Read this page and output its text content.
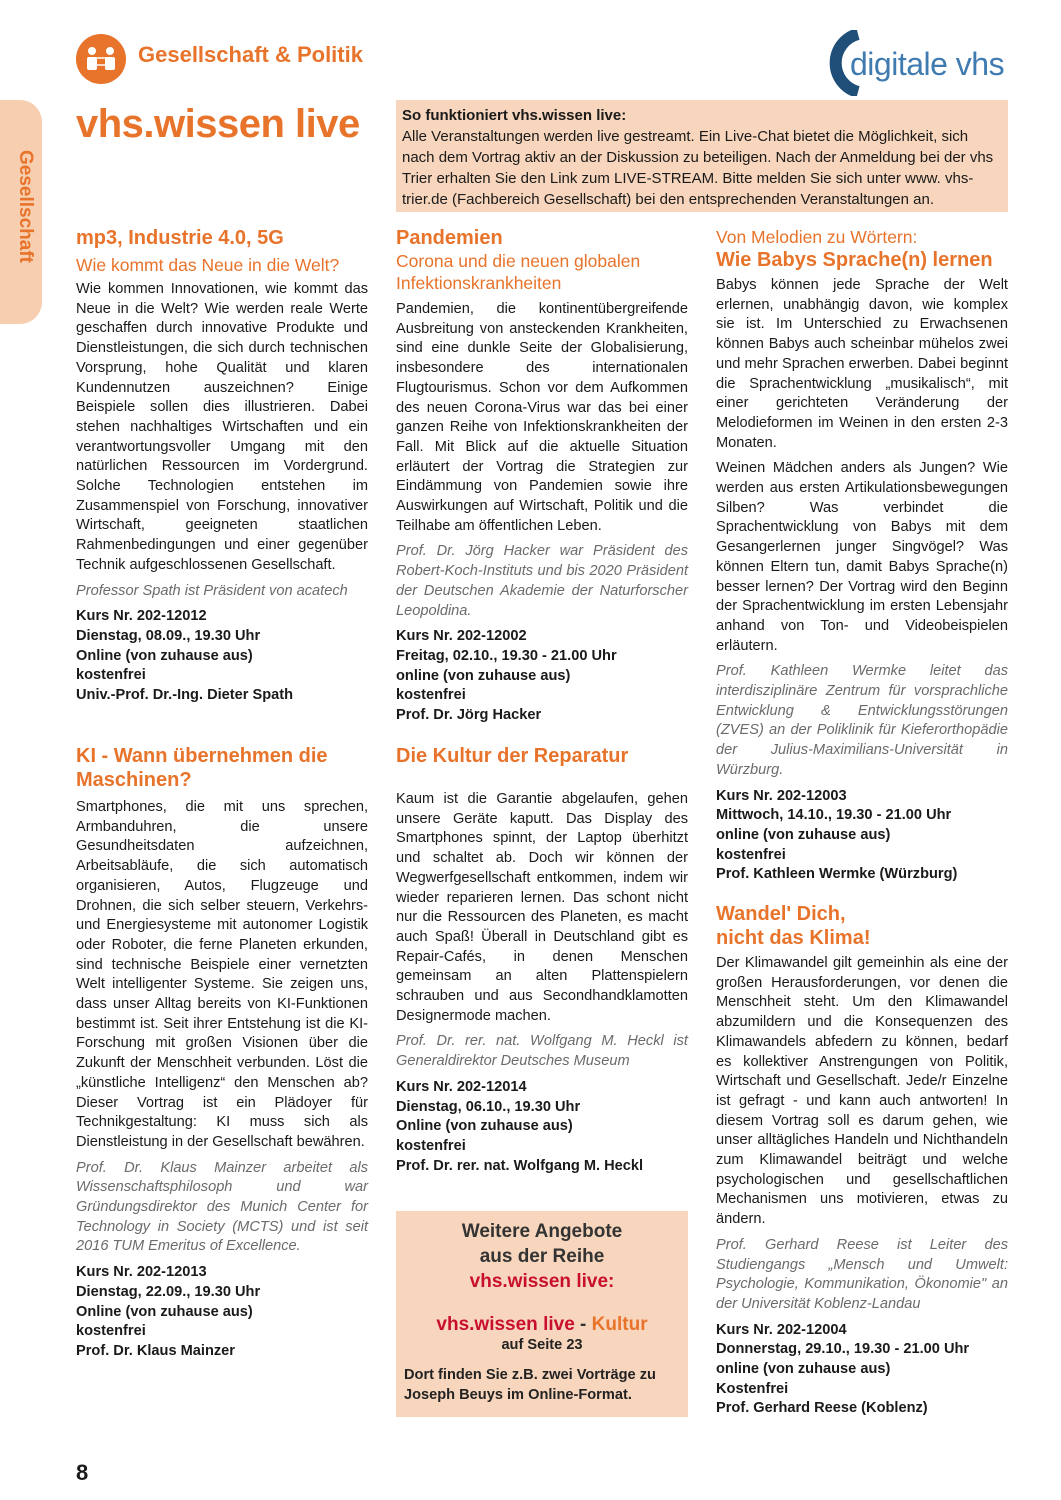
Gesellschaft
Gesellschaft & Politik	digitale vhs
vhs.wissen live	So funktioniert vhs.wissen live:
Alle Veranstaltungen werden live gestreamt. Ein Live-Chat bietet die Möglichkeit, sich nach dem Vortrag aktiv an der Diskussion zu beteiligen. Nach der Anmeldung bei der vhs Trier erhalten Sie den Link zum LIVE-STREAM. Bitte melden Sie sich unter www. vhs-trier.de (Fachbereich Gesellschaft) bei den entsprechenden Veranstaltungen an.
mp3, Industrie 4.0, 5G
Wie kommt das Neue in die Welt?

Wie kommen Innovationen, wie kommt das Neue in die Welt? Wie werden reale Werte geschaffen durch innovative Produkte und Dienstleistungen, die sich durch technischen Vorsprung, hohe Qualität und klaren Kundennutzen auszeichnen? Einige Beispiele sollen dies illustrieren. Dabei stehen nachhaltiges Wirtschaften und ein verantwortungsvoller Umgang mit den natürlichen Ressourcen im Vordergrund. Solche Technologien entstehen im Zusammenspiel von Forschung, innovativer Wirtschaft, geeigneten staatlichen Rahmenbedingungen und einer gegenüber Technik aufgeschlossenen Gesellschaft.

Professor Spath ist Präsident von acatech

Kurs Nr. 202-12012
Dienstag, 08.09., 19.30 Uhr
Online (von zuhause aus)
kostenfrei
Univ.-Prof. Dr.-Ing. Dieter Spath
KI - Wann übernehmen die Maschinen?

Smartphones, die mit uns sprechen, Armbanduhren, die unsere Gesundheitsdaten aufzeichnen, Arbeitsabläufe, die sich automatisch organisieren, Autos, Flugzeuge und Drohnen, die sich selber steuern, Verkehrs- und Energiesysteme mit autonomer Logistik oder Roboter, die ferne Planeten erkunden, sind technische Beispiele einer vernetzten Welt intelligenter Systeme. Sie zeigen uns, dass unser Alltag bereits von KI-Funktionen bestimmt ist. Seit ihrer Entstehung ist die KI-Forschung mit großen Visionen über die Zukunft der Menschheit verbunden. Löst die „künstliche Intelligenz“ den Menschen ab? Dieser Vortrag ist ein Plädoyer für Technikgestaltung: KI muss sich als Dienstleistung in der Gesellschaft bewähren.

Prof. Dr. Klaus Mainzer arbeitet als Wissenschaftsphilosoph und war Gründungsdirektor des Munich Center for Technology in Society (MCTS) und ist seit 2016 TUM Emeritus of Excellence.

Kurs Nr. 202-12013
Dienstag, 22.09., 19.30 Uhr
Online (von zuhause aus)
kostenfrei
Prof. Dr. Klaus Mainzer
Pandemien
Corona und die neuen globalen Infektionskrankheiten

Pandemien, die kontinentübergreifende Ausbreitung von ansteckenden Krankheiten, sind eine dunkle Seite der Globalisierung, insbesondere des internationalen Flugtourismus. Schon vor dem Aufkommen des neuen Corona-Virus war das bei einer ganzen Reihe von Infektionskrankheiten der Fall. Mit Blick auf die aktuelle Situation erläutert der Vortrag die Strategien zur Eindämmung von Pandemien sowie ihre Auswirkungen auf Wirtschaft, Politik und die Teilhabe am öffentlichen Leben.

Prof. Dr. Jörg Hacker war Präsident des Robert-Koch-Instituts und bis 2020 Präsident der Deutschen Akademie der Naturforscher Leopoldina.

Kurs Nr. 202-12002
Freitag, 02.10., 19.30 - 21.00 Uhr
online (von zuhause aus)
kostenfrei
Prof. Dr. Jörg Hacker
Die Kultur der Reparatur

Kaum ist die Garantie abgelaufen, gehen unsere Geräte kaputt. Das Display des Smartphones spinnt, der Laptop überhitzt und schaltet ab. Doch wir können der Wegwerfgesellschaft entkommen, indem wir wieder reparieren lernen. Das schont nicht nur die Ressourcen des Planeten, es macht auch Spaß! Überall in Deutschland gibt es Repair-Cafés, in denen Menschen gemeinsam an alten Plattenspielern schrauben und aus Secondhandklamotten Designermode machen.

Prof. Dr. rer. nat. Wolfgang M. Heckl ist Generaldirektor Deutsches Museum

Kurs Nr. 202-12014
Dienstag, 06.10., 19.30 Uhr
Online (von zuhause aus)
kostenfrei
Prof. Dr. rer. nat. Wolfgang M. Heckl
Weitere Angebote
aus der Reihe
vhs.wissen live:
vhs.wissen live - Kultur
auf Seite 23
Dort finden Sie z.B. zwei Vorträge zu Joseph Beuys im Online-Format.
Von Melodien zu Wörtern:
Wie Babys Sprache(n) lernen

Babys können jede Sprache der Welt erlernen, unabhängig davon, wie komplex sie ist. Im Unterschied zu Erwachsenen können Babys auch scheinbar mühelos zwei und mehr Sprachen erwerben. Dabei beginnt die Sprachentwicklung „musikalisch“, mit einer gerichteten Veränderung der Melodieformen im Weinen in den ersten 2-3 Monaten.

Weinen Mädchen anders als Jungen? Wie werden aus ersten Artikulationsbewegungen Silben? Was verbindet die Sprachentwicklung von Babys mit dem Gesangerlernen junger Singvögel? Was können Eltern tun, damit Babys Sprache(n) besser lernen? Der Vortrag wird den Beginn der Sprachentwicklung im ersten Lebensjahr anhand von Ton- und Videobeispielen erläutern.

Prof. Kathleen Wermke leitet das interdisziplinäre Zentrum für vorsprachliche Entwicklung & Entwicklungsstörungen (ZVES) an der Poliklinik für Kieferorthopädie der Julius-Maximilians-Universität in Würzburg.

Kurs Nr. 202-12003
Mittwoch, 14.10., 19.30 - 21.00 Uhr
online (von zuhause aus)
kostenfrei
Prof. Kathleen Wermke (Würzburg)
Wandel' Dich,
nicht das Klima!

Der Klimawandel gilt gemeinhin als eine der großen Herausforderungen, vor denen die Menschheit steht. Um den Klimawandel abzumildern und die Konsequenzen des Klimawandels abfedern zu können, bedarf es kollektiver Anstrengungen von Politik, Wirtschaft und Gesellschaft. Jede/r Einzelne ist gefragt - und kann auch antworten! In diesem Vortrag soll es darum gehen, wie unser alltägliches Handeln und Nichthandeln zum Klimawandel beiträgt und welche psychologischen und gesellschaftlichen Mechanismen uns motivieren, etwas zu ändern.

Prof. Gerhard Reese ist Leiter des Studiengangs „Mensch und Umwelt: Psychologie, Kommunikation, Ökonomie" an der Universität Koblenz-Landau

Kurs Nr. 202-12004
Donnerstag, 29.10., 19.30 - 21.00 Uhr
online (von zuhause aus)
Kostenfrei
Prof. Gerhard Reese (Koblenz)
8
